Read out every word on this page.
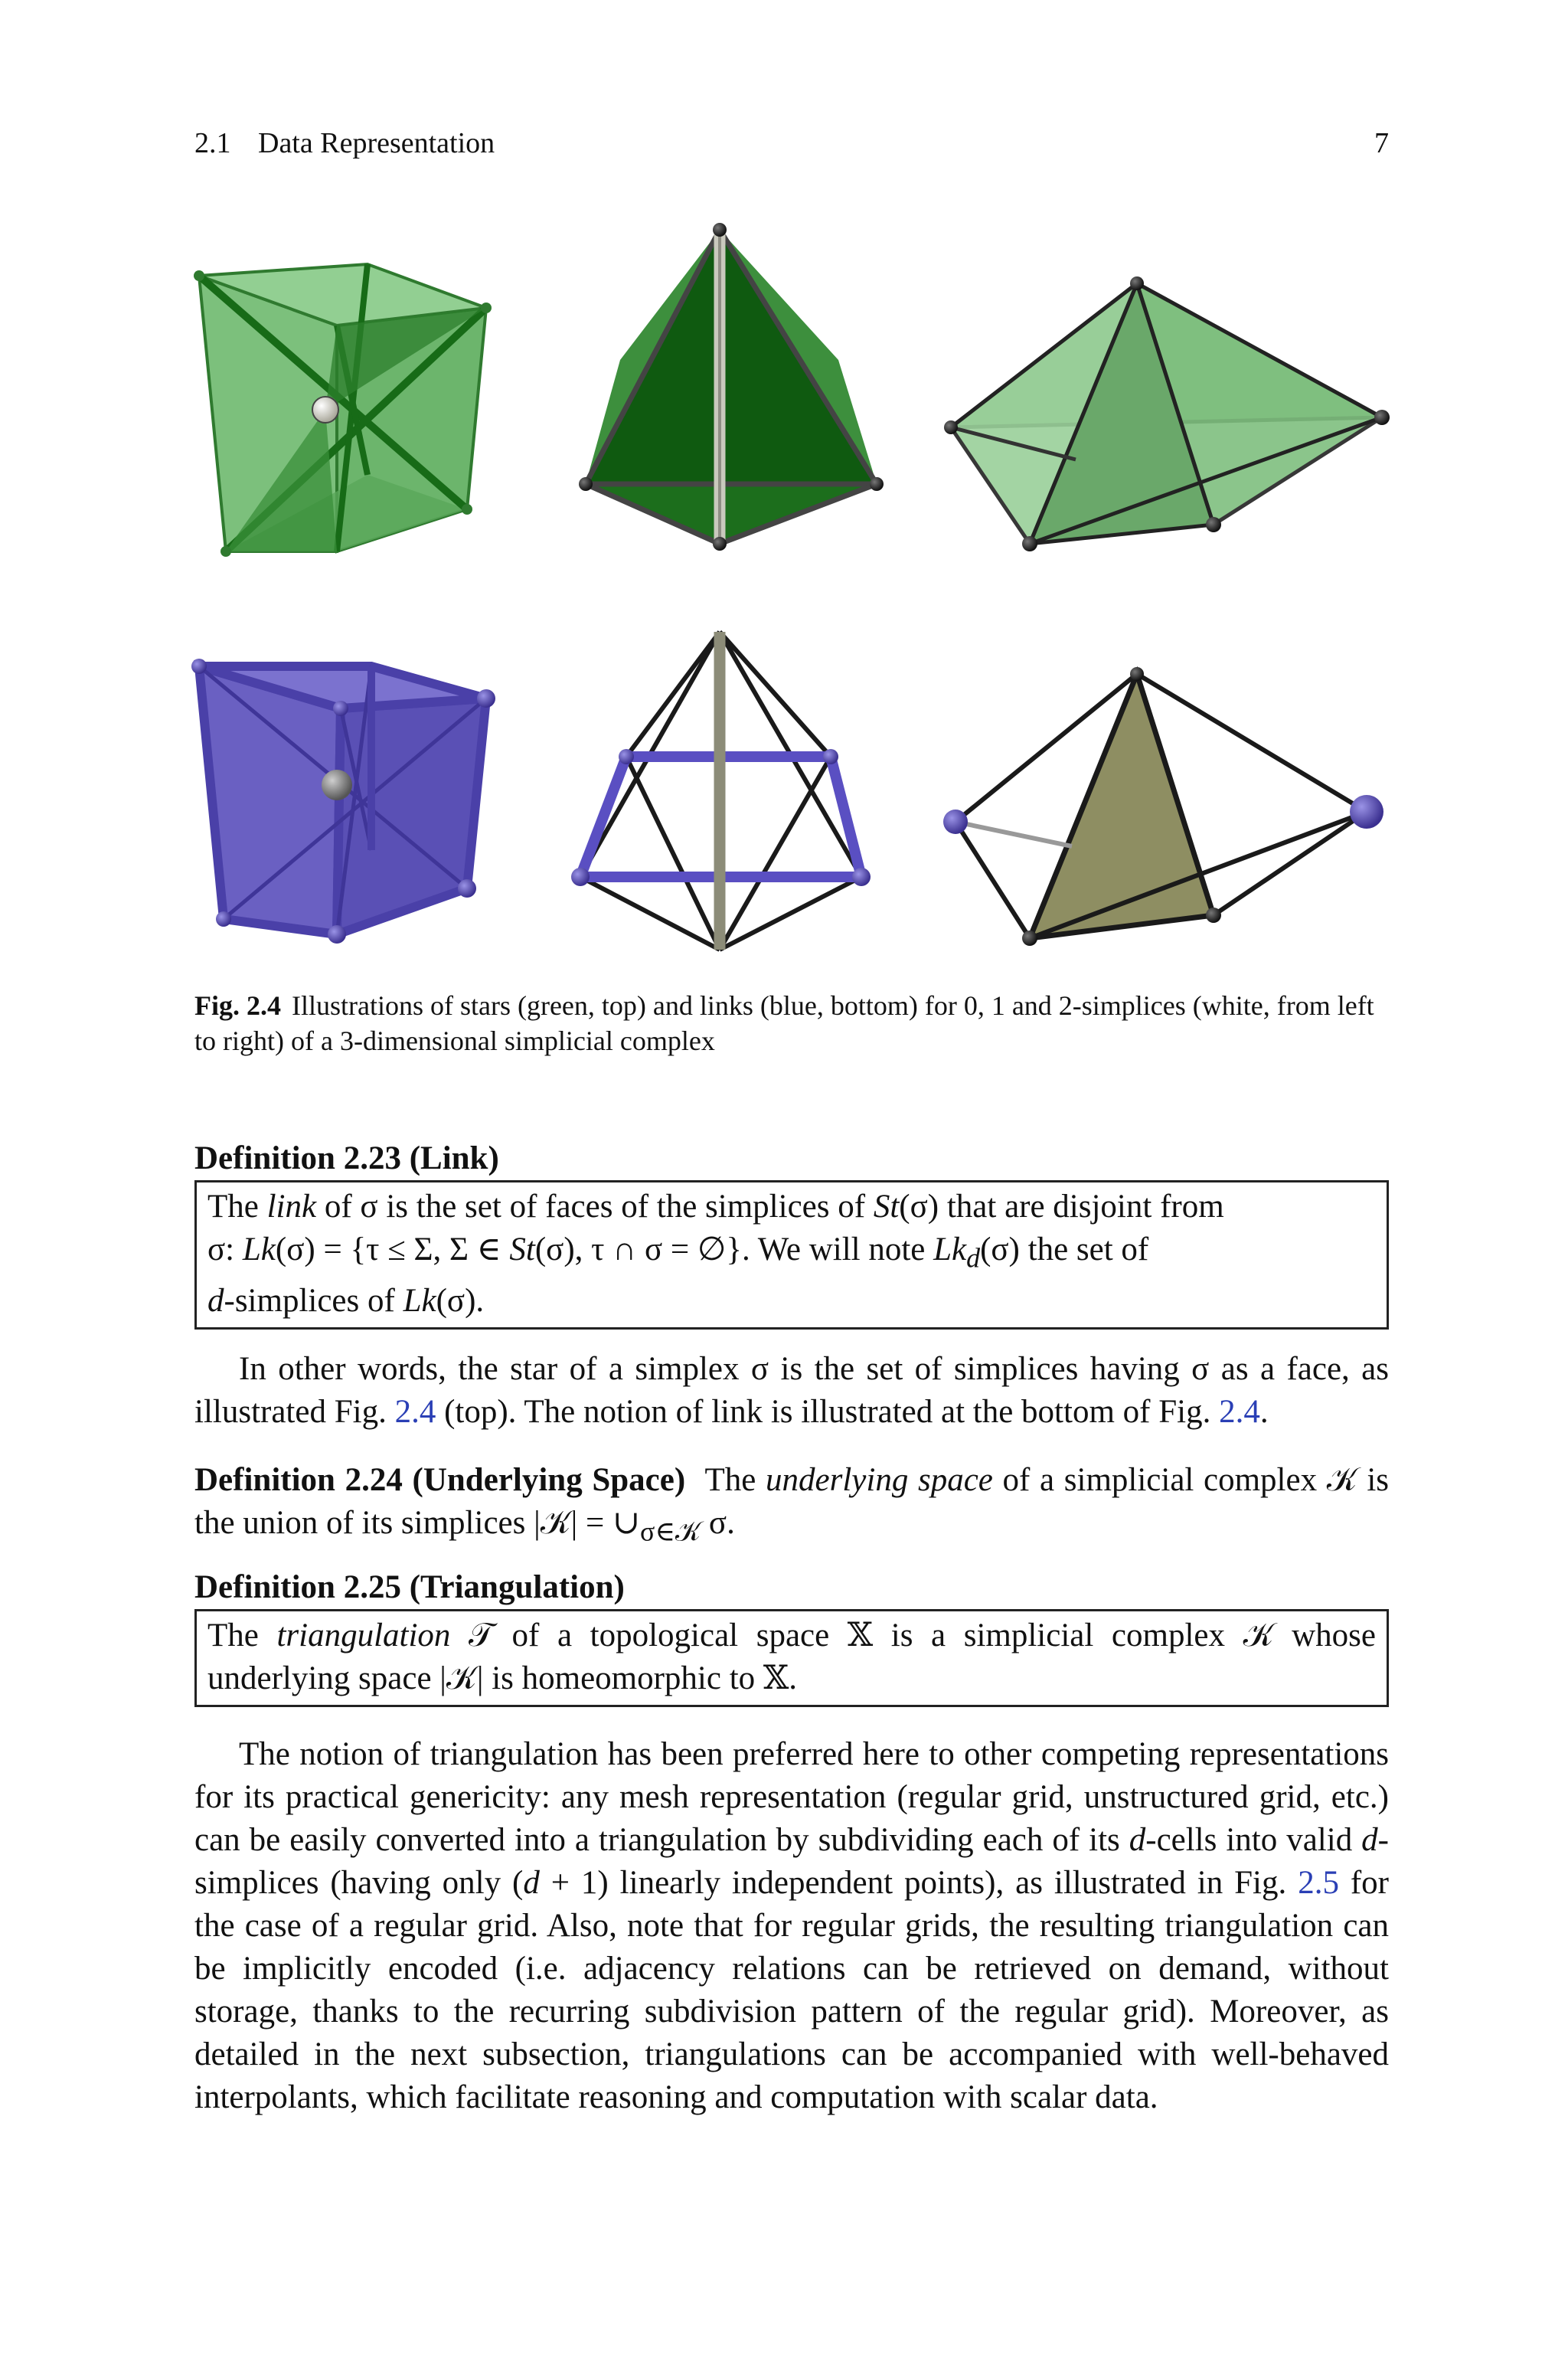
2.1 Data Representation	7
Fig. 2.4 Illustrations of stars (green, top) and links (blue, bottom) for 0, 1 and 2-simplices (white, from left to right) of a 3-dimensional simplicial complex
Definition 2.23 (Link)
The link of σ is the set of faces of the simplices of St(σ) that are disjoint from
σ: Lk(σ) = {τ ≤ Σ, Σ ∈ St(σ), τ ∩ σ = ∅}. We will note $Lk_d(\sigma)$ the set of
d-simplices of Lk(σ).
In other words, the star of a simplex σ is the set of simplices having σ as a face, as illustrated Fig. 2.4 (top). The notion of link is illustrated at the bottom of Fig. 2.4.
Definition 2.24 (Underlying Space) The underlying space of a simplicial complex 𝒦 is the union of its simplices |𝒦| = $\cup_{\sigma\in 𝒦}$ σ.
Definition 2.25 (Triangulation)
The triangulation 𝒯 of a topological space 𝕏 is a simplicial complex 𝒦 whose underlying space |𝒦| is homeomorphic to 𝕏.
The notion of triangulation has been preferred here to other competing representations for its practical genericity: any mesh representation (regular grid, unstructured grid, etc.) can be easily converted into a triangulation by subdividing each of its d-cells into valid d-simplices (having only (d + 1) linearly independent points), as illustrated in Fig. 2.5 for the case of a regular grid. Also, note that for regular grids, the resulting triangulation can be implicitly encoded (i.e. adjacency relations can be retrieved on demand, without storage, thanks to the recurring subdivision pattern of the regular grid). Moreover, as detailed in the next subsection, triangulations can be accompanied with well-behaved interpolants, which facilitate reasoning and computation with scalar data.
